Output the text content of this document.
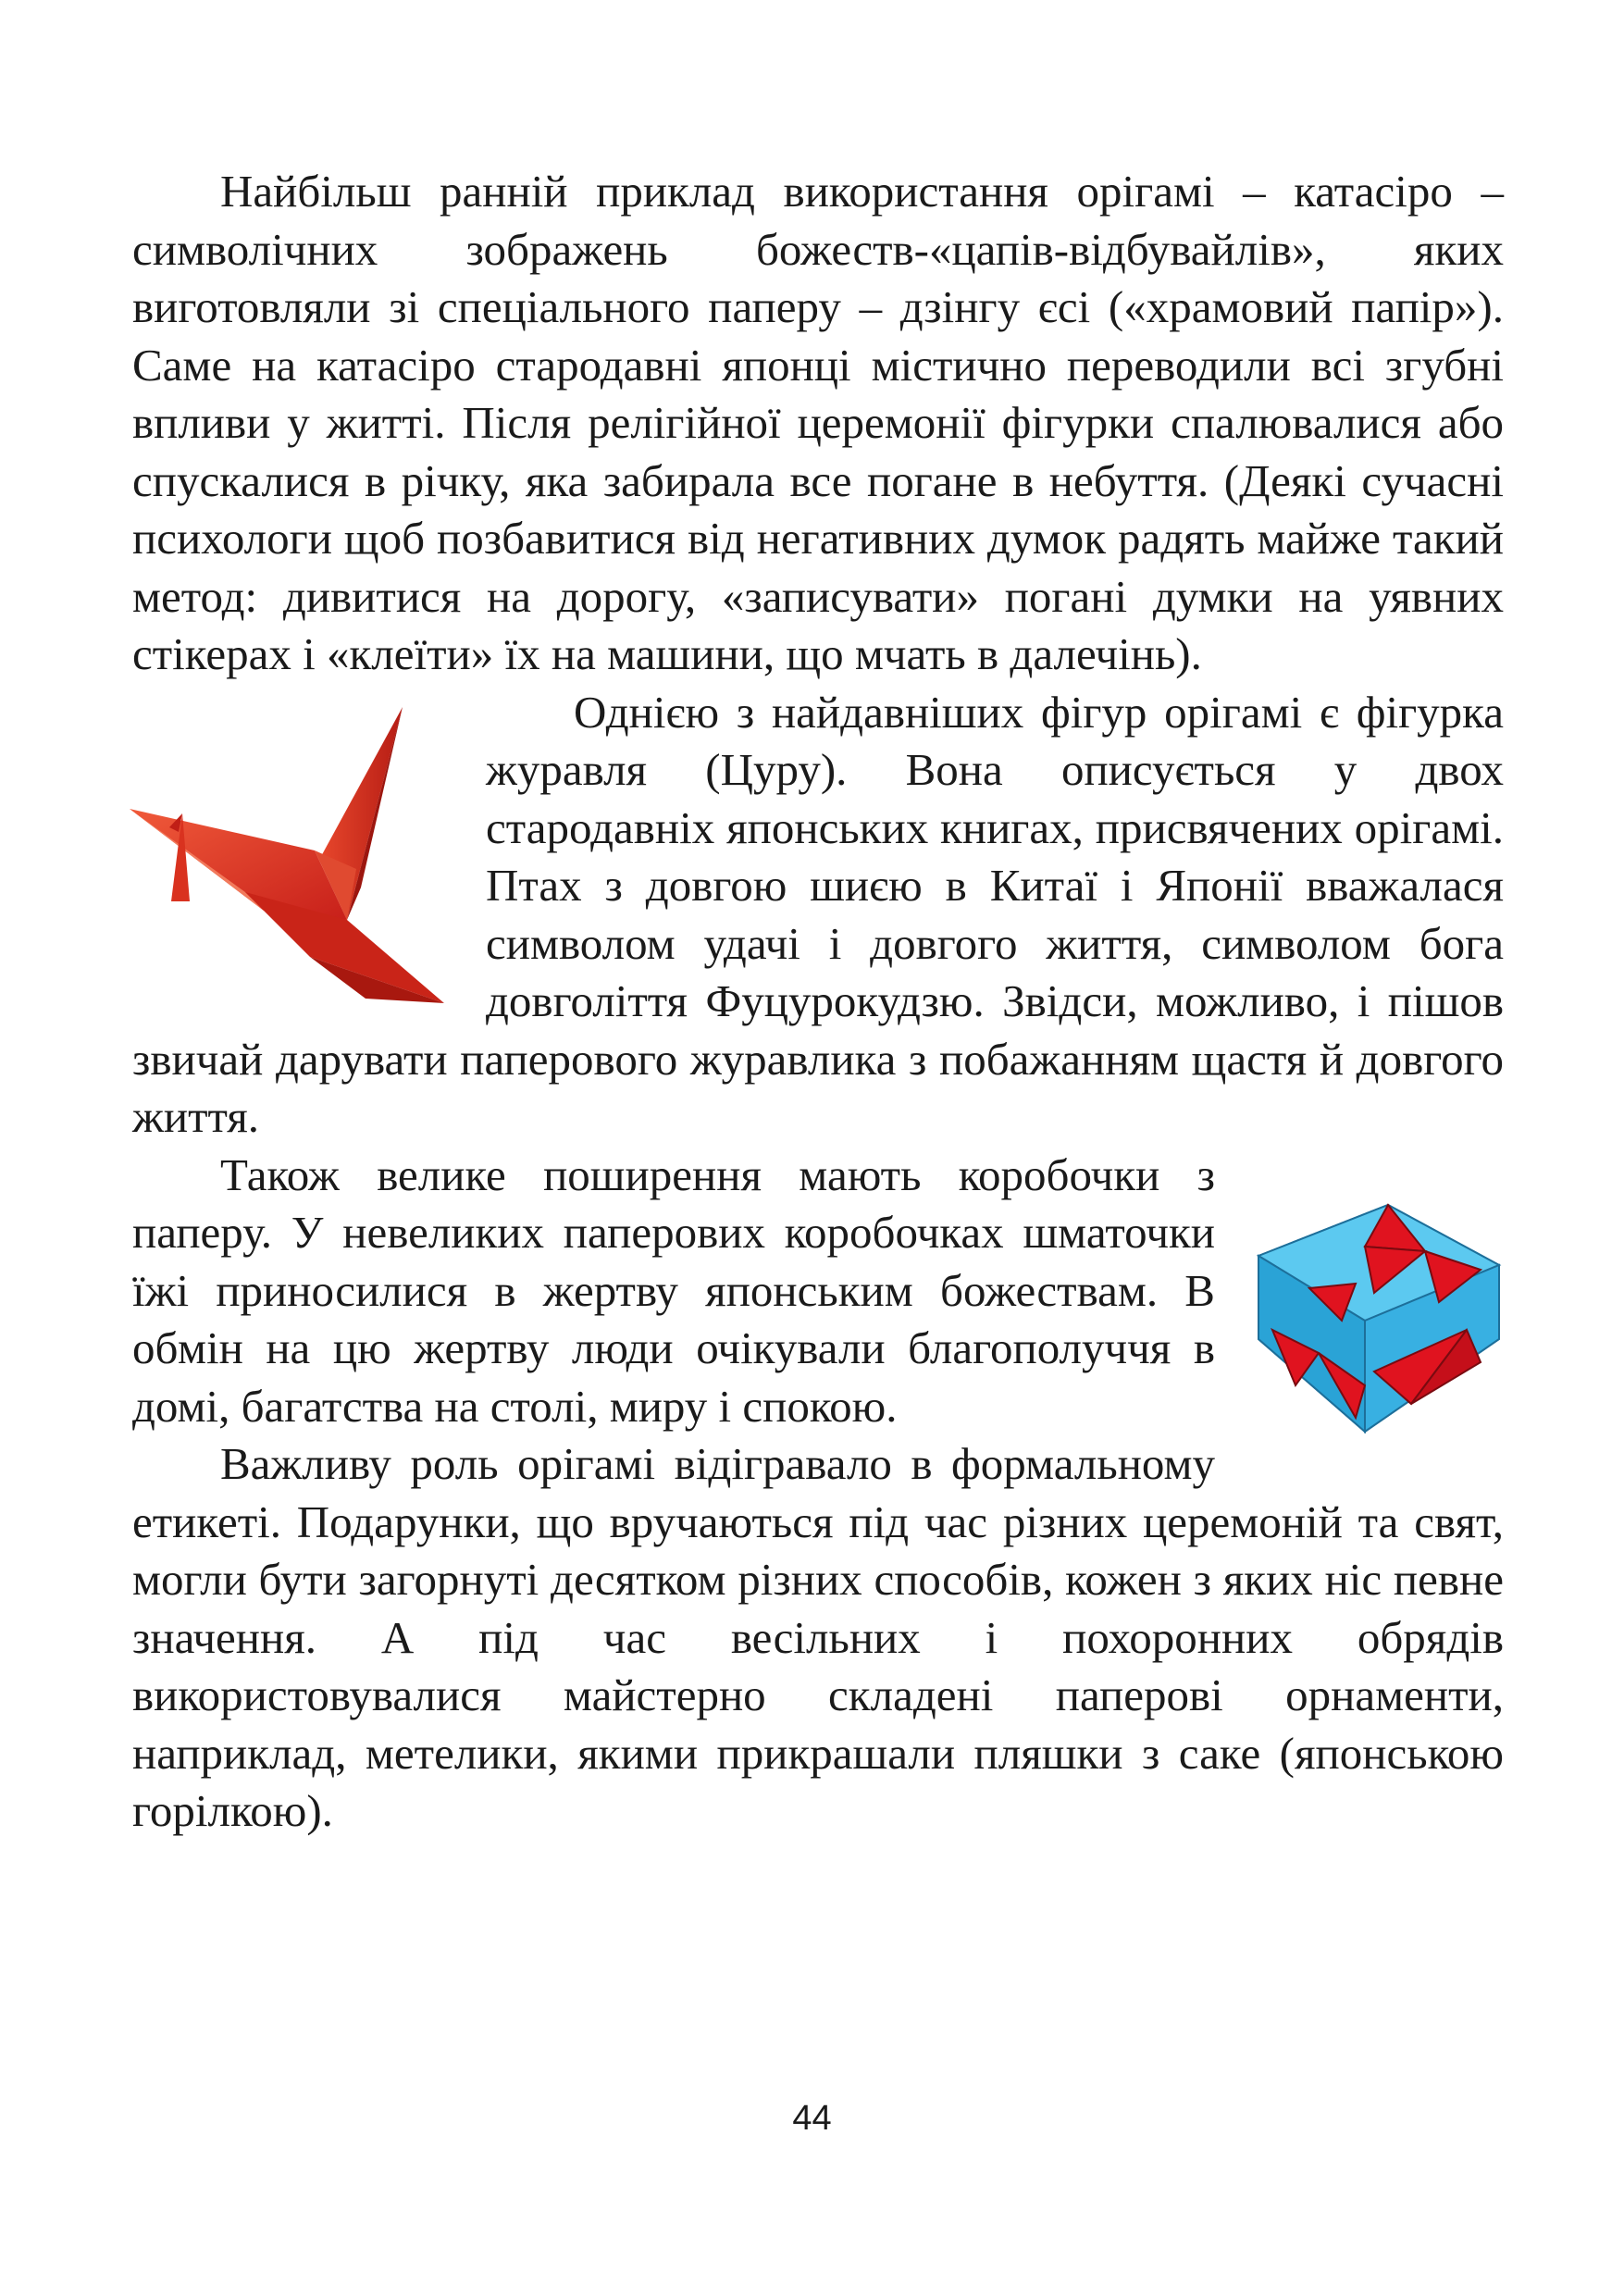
Найбільш ранній приклад використання орігамі – катасіро – символічних зображень божеств-«цапів-відбувайлів», яких виготовляли зі спеціального паперу – дзінгу єсі («храмовий папір»). Саме на катасіро стародавні японці містично переводили всі згубні впливи у житті. Після релігійної церемонії фігурки спалювалися або спускалися в річку, яка забирала все погане в небуття. (Деякі сучасні психологи щоб позбавитися від негативних думок радять майже такий метод: дивитися на дорогу, «записувати» погані думки на уявних стікерах і «клеїти» їх на машини, що мчать в далечінь).

Однією з найдавніших фігур орігамі є фігурка журавля (Цуру). Вона описується у двох стародавніх японських книгах, присвячених орігамі. Птах з довгою шиєю в Китаї і Японії вважалася символом удачі і довгого життя, символом бога довголіття Фуцурокудзю. Звідси, можливо, і пішов звичай дарувати паперового журавлика з побажанням щастя й довгого життя.

Також велике поширення мають коробочки з паперу. У невеликих паперових коробочках шматочки їжі приносилися в жертву японським божествам. В обмін на цю жертву люди очікували благополуччя в домі, багатства на столі, миру і спокою.

Важливу роль орігамі відігравало в формальному етикеті. Подарунки, що вручаються під час різних церемоній та свят, могли бути загорнуті десятком різних способів, кожен з яких ніс певне значення. А під час весільних і похоронних обрядів використовувалися майстерно складені паперові орнаменти, наприклад, метелики, якими прикрашали пляшки з саке (японською горілкою).

44
